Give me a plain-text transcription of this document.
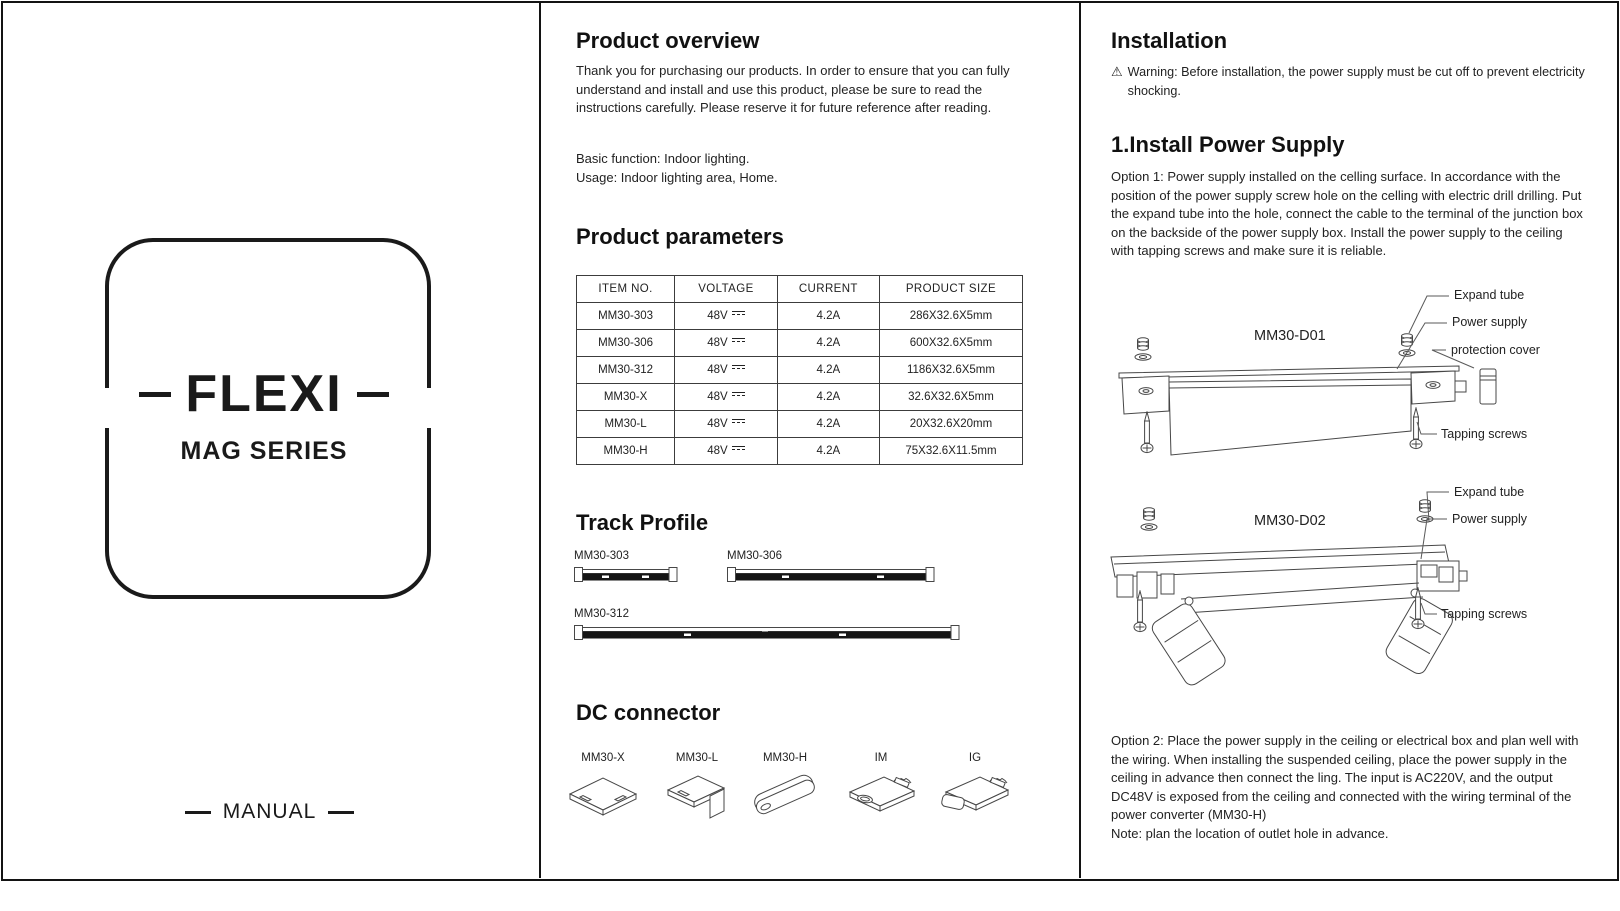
FLEXI
MAG SERIES
MANUAL
Product overview
Thank you for purchasing our products. In order to ensure that you can fully understand and install and use this product, please be sure to read the instructions carefully. Please reserve it for future reference after reading.
Basic function: Indoor lighting.
Usage: Indoor lighting area, Home.
Product parameters
ITEM NO.	VOLTAGE	CURRENT	PRODUCT SIZE
MM30-303	48V	4.2A	286X32.6X5mm
MM30-306	48V	4.2A	600X32.6X5mm
MM30-312	48V	4.2A	1186X32.6X5mm
MM30-X	48V	4.2A	32.6X32.6X5mm
MM30-L	48V	4.2A	20X32.6X20mm
MM30-H	48V	4.2A	75X32.6X11.5mm
Track Profile
MM30-303	MM30-306
MM30-312
DC connector
MM30-X	MM30-L	MM30-H	IM	IG
Installation
⚠ Warning: Before installation, the power supply must be cut off to prevent electricity shocking.
1.Install Power Supply
Option 1: Power supply installed on the celling surface. In accordance with the position of the power supply screw hole on the celling with electric drill drilling. Put the expand tube into the hole, connect the cable to the terminal of the junction box on the backside of the power supply box. Install the power supply to the ceiling with tapping screws and make sure it is reliable.
MM30-D01
Expand tube
Power supply
protection cover
Tapping screws
MM30-D02
Expand tube
Power supply
Tapping screws
Option 2: Place the power supply in the ceiling or electrical box and plan well with the wiring. When installing the suspended ceiling, place the power supply in the ceiling in advance then connect the ling. The input is AC220V, and the output DC48V is exposed from the ceiling and connected with the wiring terminal of the power converter (MM30-H)
Note: plan the location of outlet hole in advance.
